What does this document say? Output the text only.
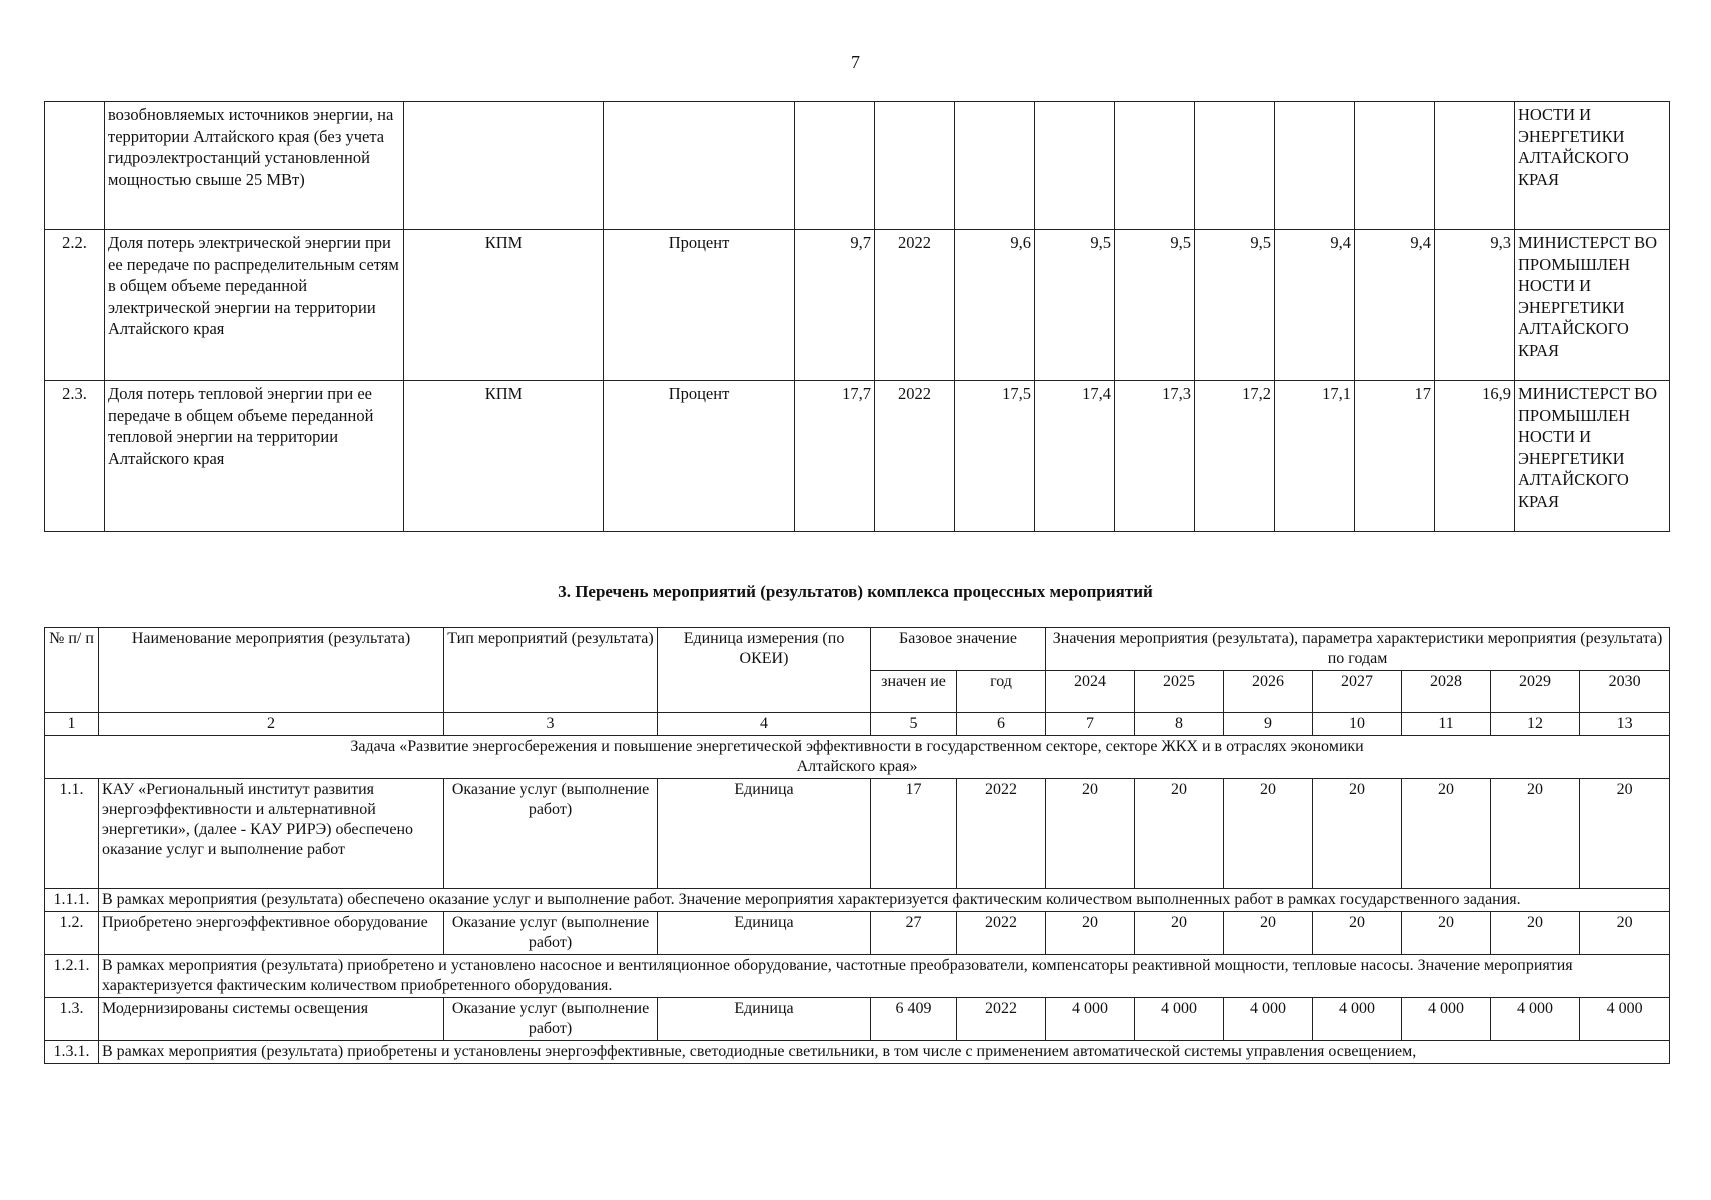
7
	возобновляемых источников энергии, на территории Алтайского края (без учета гидроэлектростанций установленной мощностью свыше 25 МВт)												НОСТИ И ЭНЕРГЕТИКИ АЛТАЙСКОГО КРАЯ
2.2.	Доля потерь электрической энергии при ее передаче по распределительным сетям в общем объеме переданной электрической энергии на территории Алтайского края	КПМ	Процент	9,7	2022	9,6	9,5	9,5	9,5	9,4	9,4	9,3	МИНИСТЕРСТ ВО ПРОМЫШЛЕН НОСТИ И ЭНЕРГЕТИКИ АЛТАЙСКОГО КРАЯ
2.3.	Доля потерь тепловой энергии при ее передаче в общем объеме переданной тепловой энергии на территории Алтайского края	КПМ	Процент	17,7	2022	17,5	17,4	17,3	17,2	17,1	17	16,9	МИНИСТЕРСТ ВО ПРОМЫШЛЕН НОСТИ И ЭНЕРГЕТИКИ АЛТАЙСКОГО КРАЯ
3. Перечень мероприятий (результатов) комплекса процессных мероприятий
№ п/ п	Наименование мероприятия (результата)	Тип мероприятий (результата)	Единица измерения (по ОКЕИ)	Базовое значение		Значения мероприятия (результата), параметра характеристики мероприятия (результата) по годам						
				значен ие	год	2024	2025	2026	2027	2028	2029	2030
1	2	3	4	5	6	7	8	9	10	11	12	13
Задача «Развитие энергосбережения и повышение энергетической эффективности в государственном секторе, секторе ЖКХ и в отраслях экономики Алтайского края»												
1.1.	КАУ «Региональный институт развития энергоэффективности и альтернативной энергетики», (далее - КАУ РИРЭ) обеспечено оказание услуг и выполнение работ	Оказание услуг (выполнение работ)	Единица	17	2022	20	20	20	20	20	20	20
1.1.1.	В рамках мероприятия (результата) обеспечено оказание услуг и выполнение работ. Значение мероприятия характеризуется фактическим количеством выполненных работ в рамках государственного задания.											
1.2.	Приобретено энергоэффективное оборудование	Оказание услуг (выполнение работ)	Единица	27	2022	20	20	20	20	20	20	20
1.2.1.	В рамках мероприятия (результата) приобретено и установлено насосное и вентиляционное оборудование, частотные преобразователи, компенсаторы реактивной мощности, тепловые насосы. Значение мероприятия характеризуется фактическим количеством приобретенного оборудования.											
1.3.	Модернизированы системы освещения	Оказание услуг (выполнение работ)	Единица	6 409	2022	4 000	4 000	4 000	4 000	4 000	4 000	4 000
1.3.1.	В рамках мероприятия (результата) приобретены и установлены энергоэффективные, светодиодные светильники, в том числе с применением автоматической системы управления освещением,											
